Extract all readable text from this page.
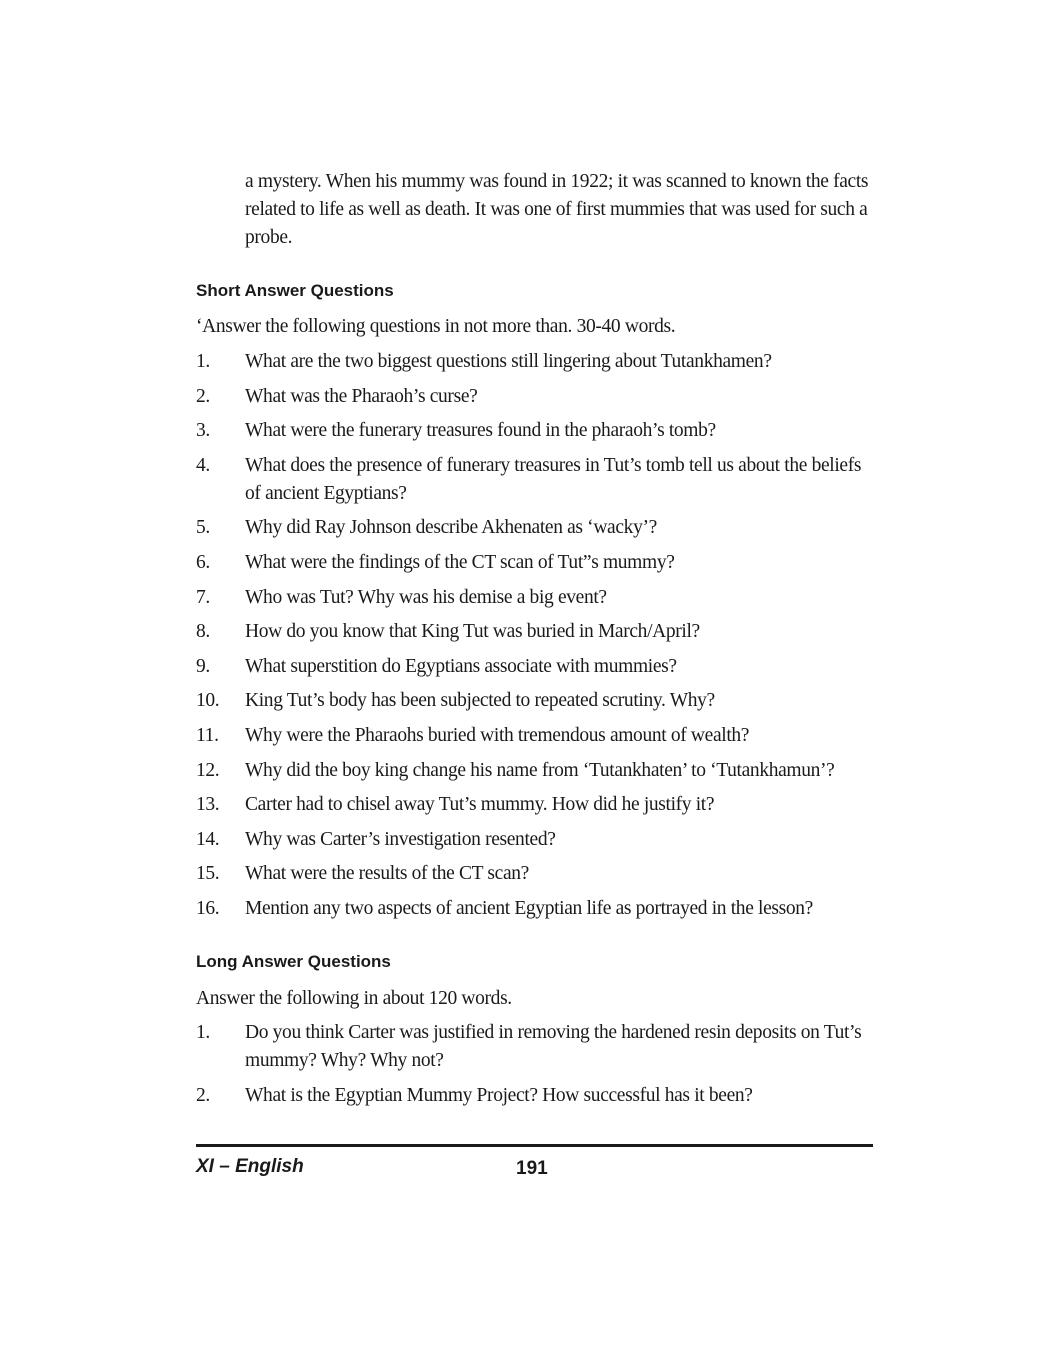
a mystery. When his mummy was found in 1922; it was scanned to known the facts related to life as well as death. It was one of first mummies that was used for such a probe.

Short Answer Questions

‘Answer the following questions in not more than. 30-40 words.

1.	What are the two biggest questions still lingering about Tutankhamen?
2.	What was the Pharaoh’s curse?
3.	What were the funerary treasures found in the pharaoh’s tomb?
4.	What does the presence of funerary treasures in Tut’s tomb tell us about the beliefs of ancient Egyptians?
5.	Why did Ray Johnson describe Akhenaten as ‘wacky’?
6.	What were the findings of the CT scan of Tut”s mummy?
7.	Who was Tut? Why was his demise a big event?
8.	How do you know that King Tut was buried in March/April?
9.	What superstition do Egyptians associate with mummies?
10.	King Tut’s body has been subjected to repeated scrutiny. Why?
11.	Why were the Pharaohs buried with tremendous amount of wealth?
12.	Why did the boy king change his name from ‘Tutankhaten’ to ‘Tutankhamun’?
13.	Carter had to chisel away Tut’s mummy. How did he justify it?
14.	Why was Carter’s investigation resented?
15.	What were the results of the CT scan?
16.	Mention any two aspects of ancient Egyptian life as portrayed in the lesson?
Long Answer Questions

Answer the following in about 120 words.

1.	Do you think Carter was justified in removing the hardened resin deposits on Tut’s mummy? Why? Why not?
2.	What is the Egyptian Mummy Project? How successful has it been?
XI – English	191
